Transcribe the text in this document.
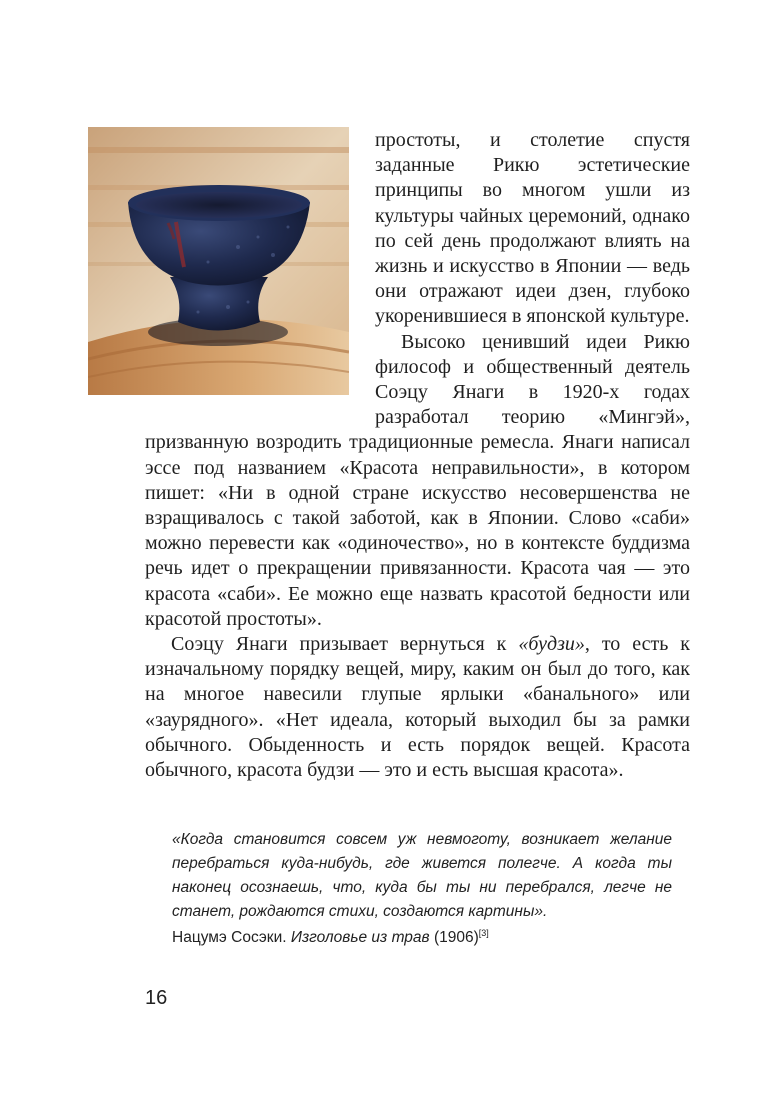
простоты, и столетие спустя заданные Рикю эстетические принципы во многом ушли из культуры чайных церемоний, однако по сей день продолжают влиять на жизнь и искусство в Японии — ведь они отражают идеи дзен, глубоко укоренившиеся в японской культуре.

Высоко ценивший идеи Рикю философ и общественный деятель Соэцу Янаги в 1920-х годах разработал теорию «Мингэй», призванную возродить традиционные ремесла. Янаги написал эссе под названием «Красота неправильности», в котором пишет: «Ни в одной стране искусство несовершенства не взращивалось с такой заботой, как в Японии. Слово «саби» можно перевести как «одиночество», но в контексте буддизма речь идет о прекращении привязанности. Красота чая — это красота «саби». Ее можно еще назвать красотой бедности или красотой простоты».

Соэцу Янаги призывает вернуться к «будзи», то есть к изначальному порядку вещей, миру, каким он был до того, как на многое навесили глупые ярлыки «банального» или «заурядного». «Нет идеала, который выходил бы за рамки обычного. Обыденность и есть порядок вещей. Красота обычного, красота будзи — это и есть высшая красота».

«Когда становится совсем уж невмоготу, возникает желание перебраться куда-нибудь, где живется полегче. А когда ты наконец осознаешь, что, куда бы ты ни перебрался, легче не станет, рождаются стихи, создаются картины».
Нацумэ Сосэки. Изголовье из трав (1906)[3]
16
